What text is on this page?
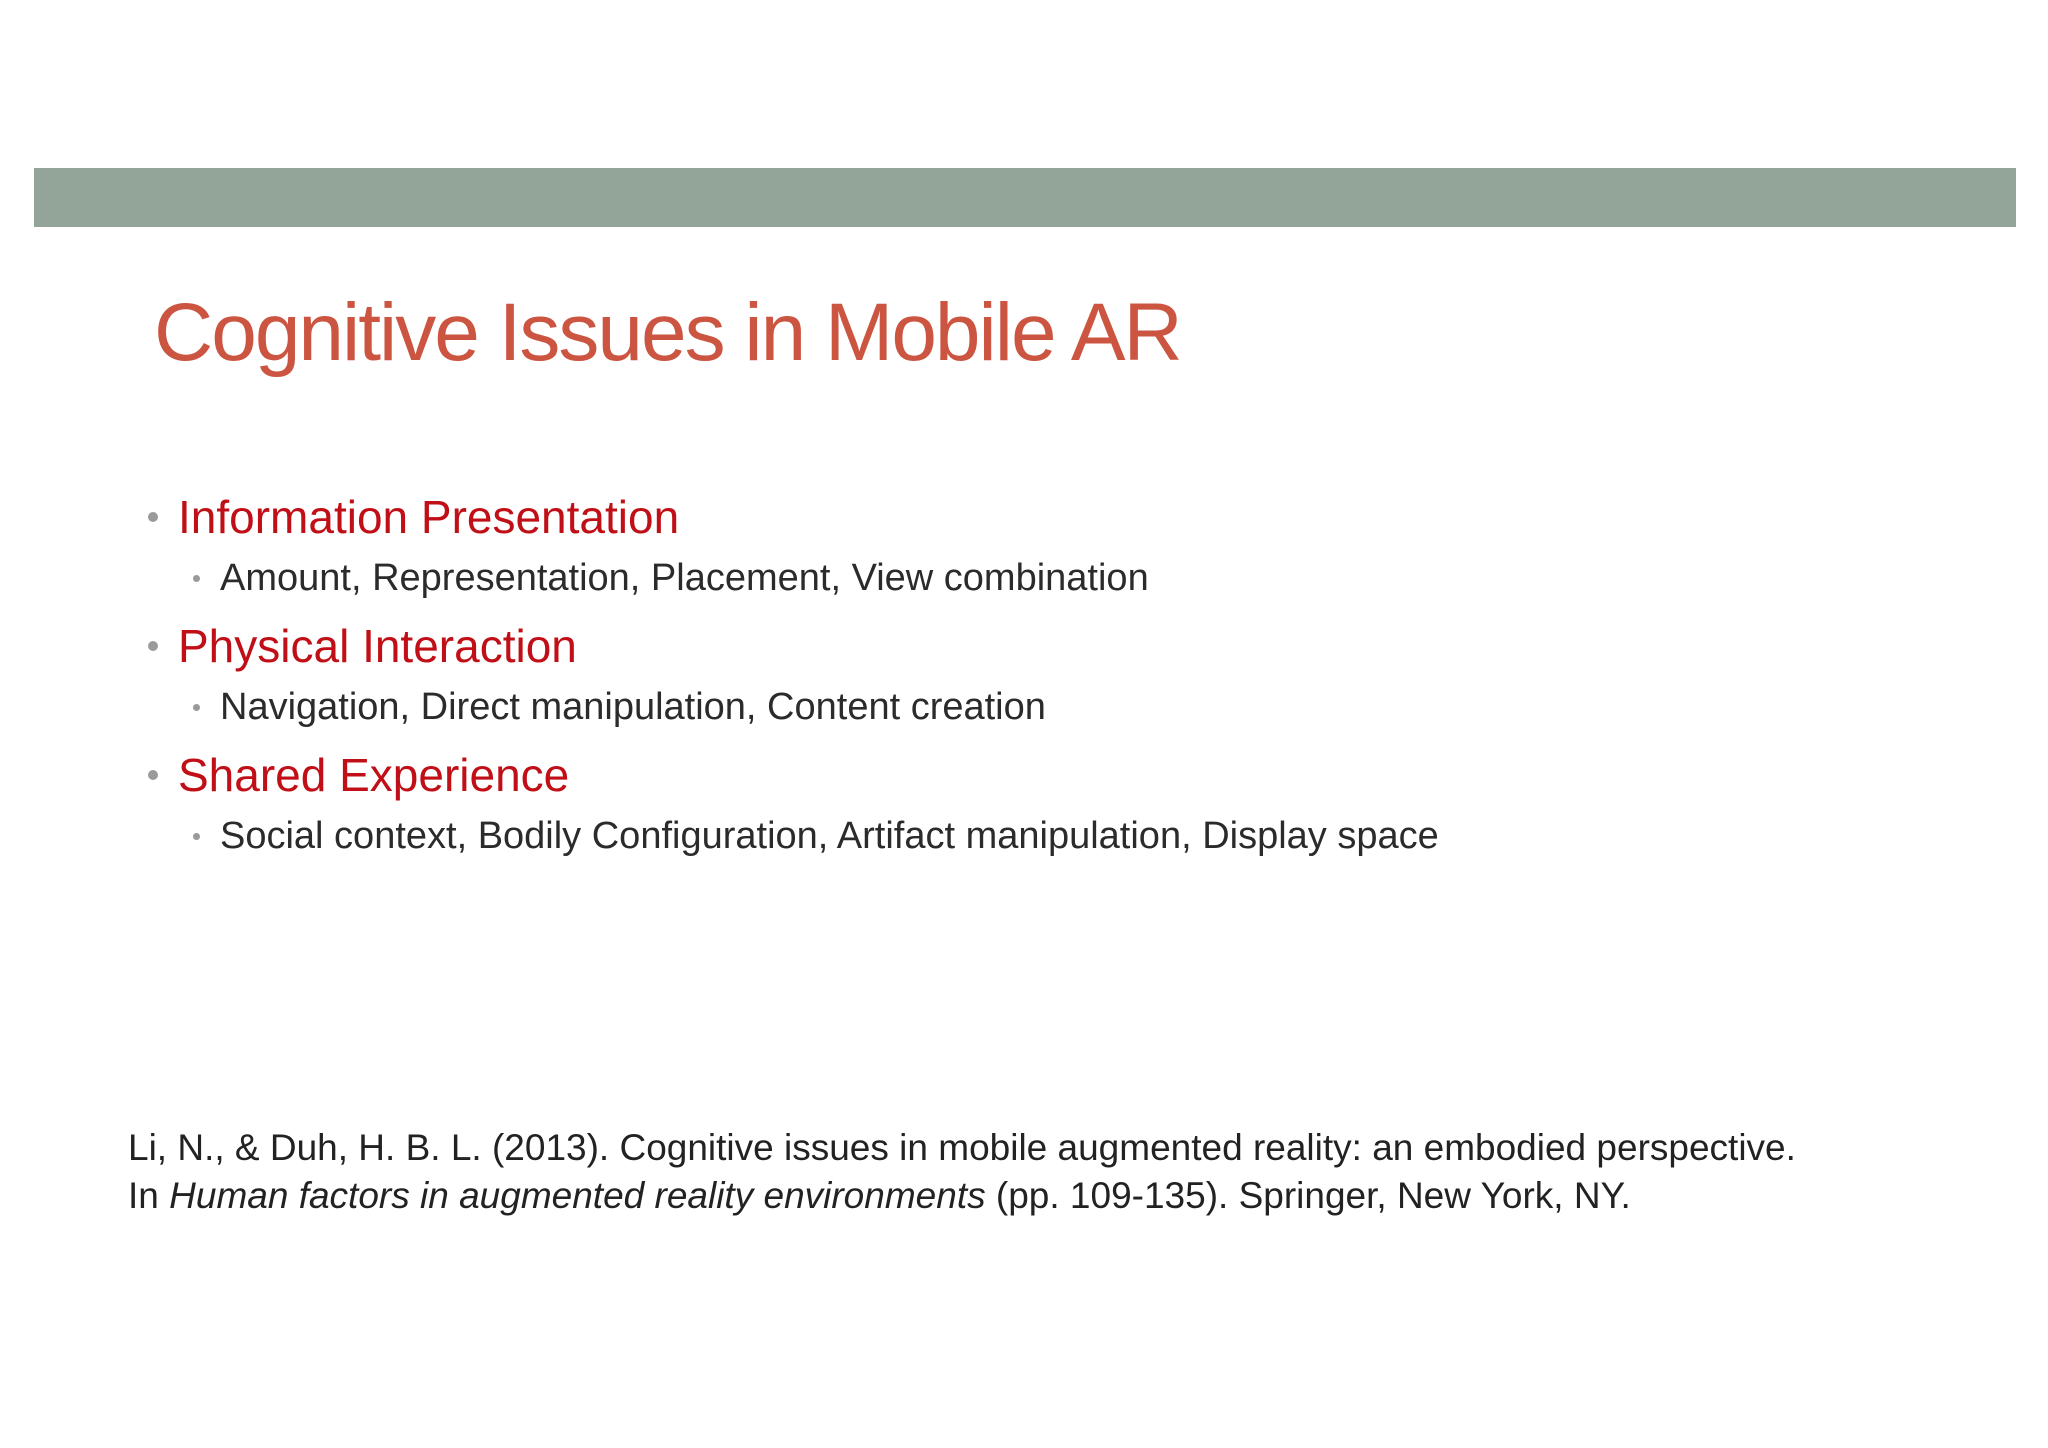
Cognitive Issues in Mobile AR
Information Presentation
Amount, Representation, Placement, View combination
Physical Interaction
Navigation, Direct manipulation, Content creation
Shared Experience
Social context, Bodily Configuration, Artifact manipulation, Display space

Li, N., & Duh, H. B. L. (2013). Cognitive issues in mobile augmented reality: an embodied perspective.
In Human factors in augmented reality environments (pp. 109-135). Springer, New York, NY.
